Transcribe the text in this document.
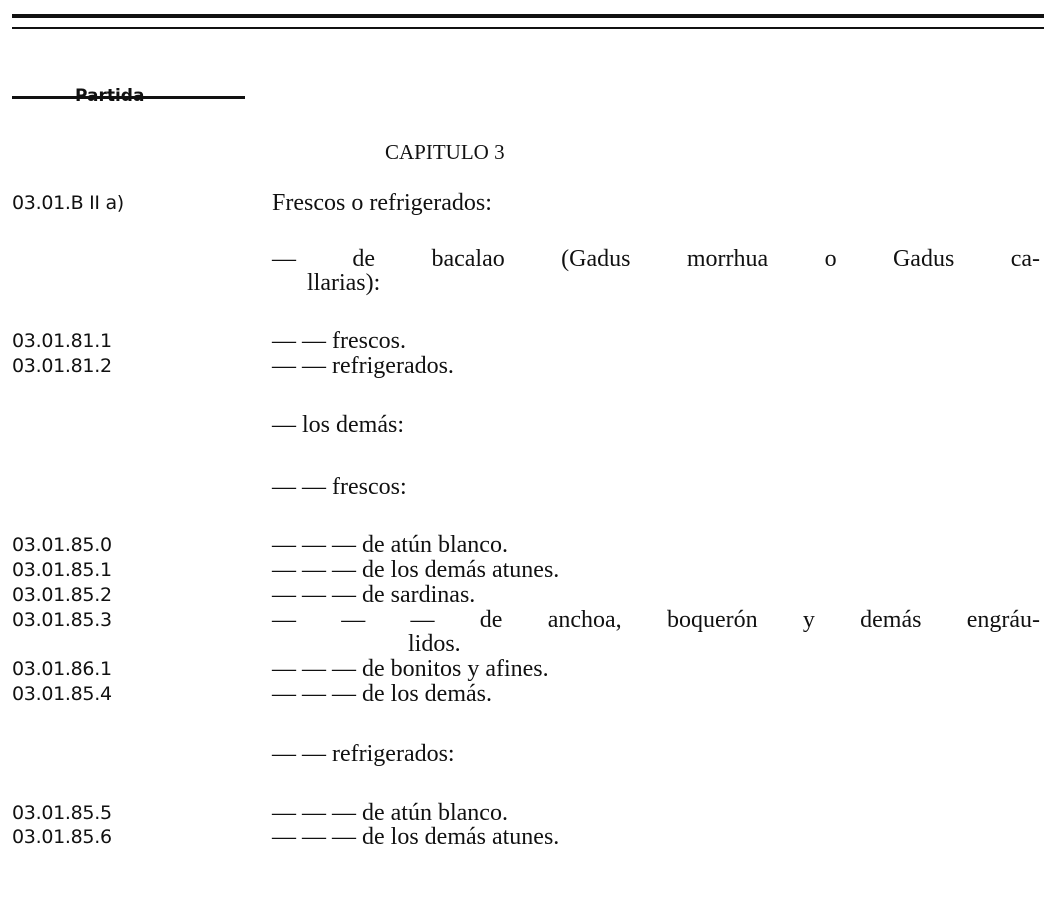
CAPITULO 3
03.01.B II a)	Frescos o refrigerados:
— de bacalao (Gadus morrhua o Gadus ca-
llarias):
03.01.81.1	— — frescos.
03.01.81.2	— — refrigerados.
— los demás:
— — frescos:
03.01.85.0	— — — de atún blanco.
03.01.85.1	— — — de los demás atunes.
03.01.85.2	— — — de sardinas.
03.01.85.3	— — — de anchoa, boquerón y demás engráu-
lidos.
03.01.86.1	— — — de bonitos y afines.
03.01.85.4	— — — de los demás.
— — refrigerados:
03.01.85.5	— — — de atún blanco.
03.01.85.6	— — — de los demás atunes.
